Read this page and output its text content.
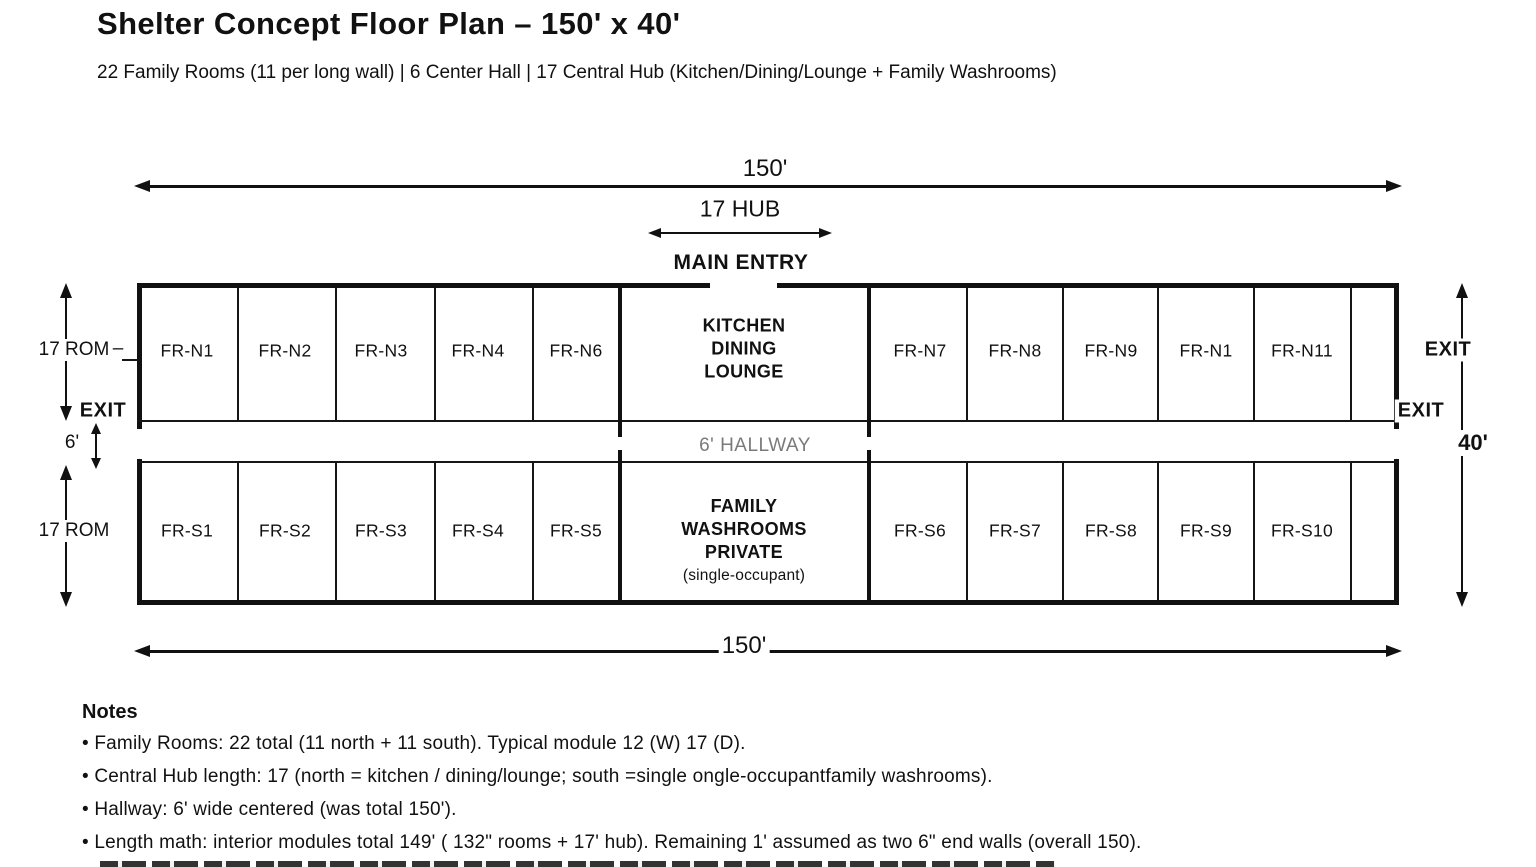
Shelter Concept Floor Plan – 150' x 40'
22 Family Rooms (11 per long wall) | 6 Center Hall | 17 Central Hub (Kitchen/Dining/Lounge + Family Washrooms)
150'
17 HUB
MAIN ENTRY
6' HALLWAY
FR-N1	FR-N2 FR-N3	FR-N4	FR-N6	FR-N7 FR-N8 FR-N9 FR-N1 FR-N11
FR-S1	FR-S2	FR-S3	FR-S4	FR-S5	FR-S6 FR-S7	FR-S8 FR-S9 FR-S10
KITCHEN
DINING
LOUNGE
FAMILY
WASHROOMS
PRIVATE
(single-occupant)
17 ROM –
EXIT
6'
17 ROM
EXIT
EXIT
40'
150'
Notes
• Family Rooms: 22 total (11 north + 11 south). Typical module 12 (W) 17 (D).
• Central Hub length: 17 (north = kitchen / dining/lounge; south =single ongle-occupantfamily washrooms).
• Hallway: 6' wide centered (was total 150').
• Length math: interior modules total 149' ( 132" rooms + 17' hub). Remaining 1' assumed as two 6" end walls (overall 150).
